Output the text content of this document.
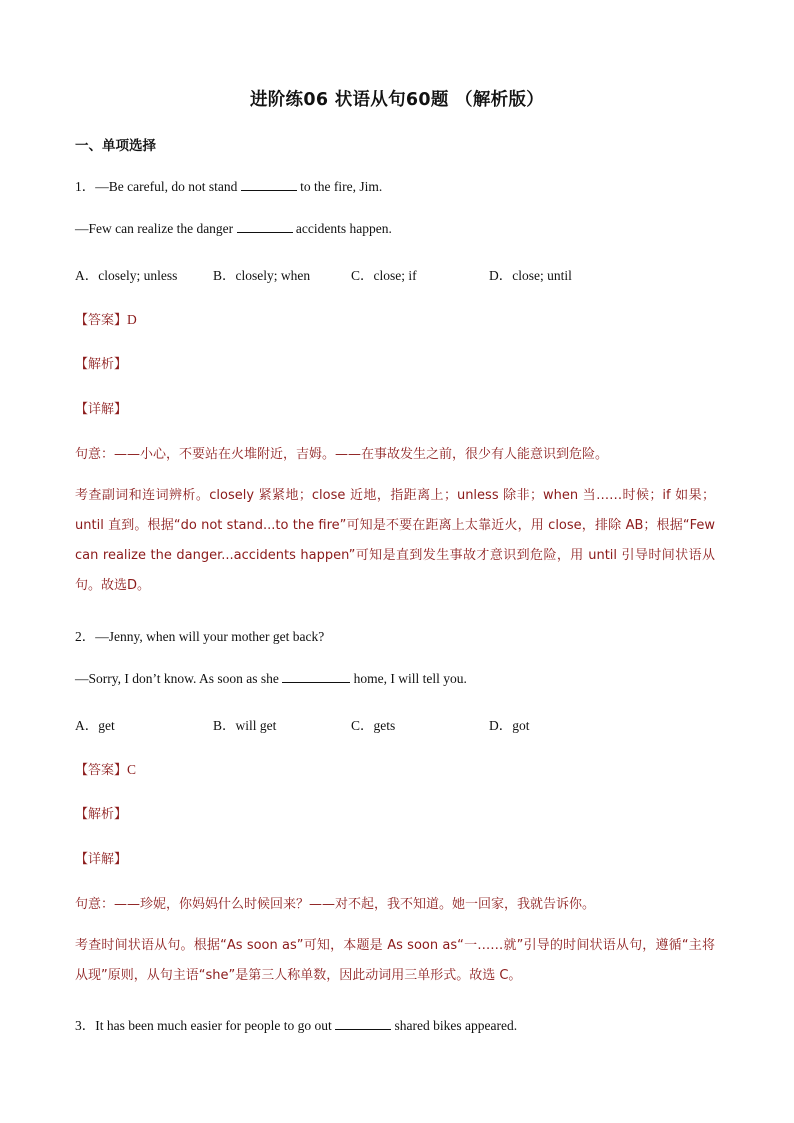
进阶练06 状语从句60题 （解析版）
一、单项选择
1．—Be careful, do not stand	to the fire, Jim.
—Few can realize the danger	accidents happen.
A．closely; unless	B．closely; when	C．close; if	D．close; until
【答案】D
【解析】
【详解】
句意：——小心，不要站在火堆附近，吉姆。——在事故发生之前，很少有人能意识到危险。
考查副词和连词辨析。closely 紧紧地；close 近地，指距离上；unless 除非；when 当……时候；if 如果；until 直到。根据“do not stand...to the fire”可知是不要在距离上太靠近火，用 close，排除 AB；根据“Few can realize the danger...accidents happen”可知是直到发生事故才意识到危险，用 until 引导时间状语从句。故选D。
2．—Jenny, when will your mother get back?
—Sorry, I don’t know. As soon as she	home, I will tell you.
A．get	B．will get	C．gets	D．got
【答案】C
【解析】
【详解】
句意：——珍妮，你妈妈什么时候回来？——对不起，我不知道。她一回家，我就告诉你。
考查时间状语从句。根据“As soon as”可知，本题是 As soon as“一……就”引导的时间状语从句，遵循“主将从现”原则，从句主语“she”是第三人称单数，因此动词用三单形式。故选 C。
3．It has been much easier for people to go out	shared bikes appeared.
